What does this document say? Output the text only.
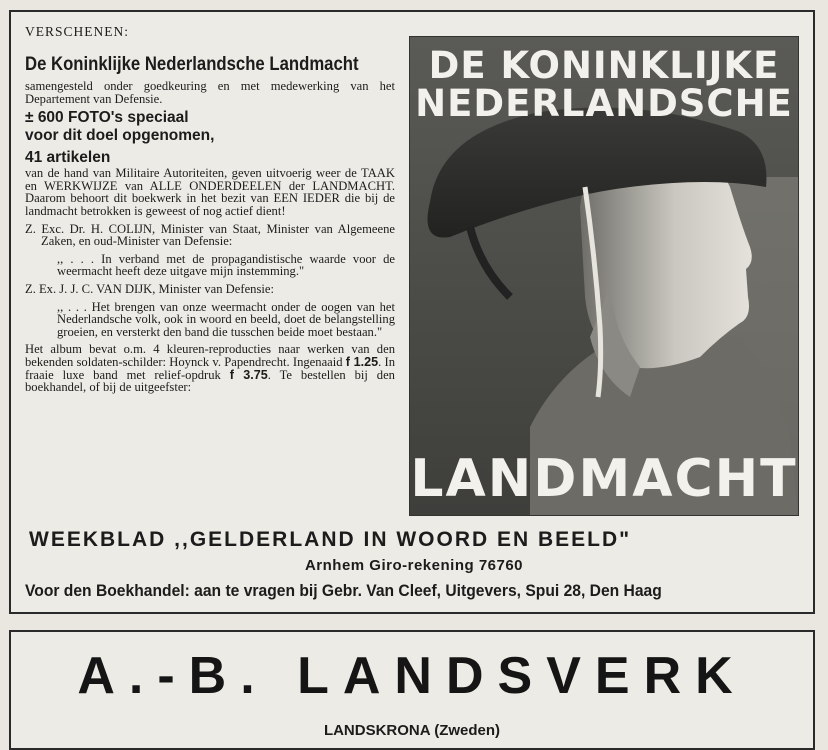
VERSCHENEN:

De Koninklijke Nederlandsche Landmacht

samengesteld onder goedkeuring en met medewerking van het Departement van Defensie.

± 600 FOTO's speciaal

voor dit doel opgenomen,

41 artikelen

van de hand van Militaire Autoriteiten, geven uitvoerig weer de TAAK en WERKWIJZE van ALLE ONDERDEELEN der LANDMACHT. Daarom behoort dit boekwerk in het bezit van EEN IEDER die bij de landmacht betrokken is geweest of nog actief dient!

Z. Exc. Dr. H. COLIJN, Minister van Staat, Minister van Algemeene Zaken, en oud-Minister van Defensie:

,, . . . In verband met de propagandistische waarde voor de weermacht heeft deze uitgave mijn instemming."

Z. Ex. J. J. C. VAN DIJK, Minister van Defensie:

,, . . . Het brengen van onze weermacht onder de oogen van het Nederlandsche volk, ook in woord en beeld, doet de belangstelling groeien, en versterkt den band die tusschen beide moet bestaan."

Het album bevat o.m. 4 kleuren-reproducties naar werken van den bekenden soldaten-schilder: Hoynck v. Papendrecht. Ingenaaid f 1.25. In fraaie luxe band met relief-opdruk f 3.75. Te bestellen bij den boekhandel, of bij de uitgeefster:

DE KONINKLIJKE
NEDERLANDSCHE
LANDMACHT
WEEKBLAD ,,GELDERLAND IN WOORD EN BEELD"
Arnhem Giro-rekening 76760
Voor den Boekhandel: aan te vragen bij Gebr. Van Cleef, Uitgevers, Spui 28, Den Haag
A.-B. LANDSVERK
LANDSKRONA (Zweden)
